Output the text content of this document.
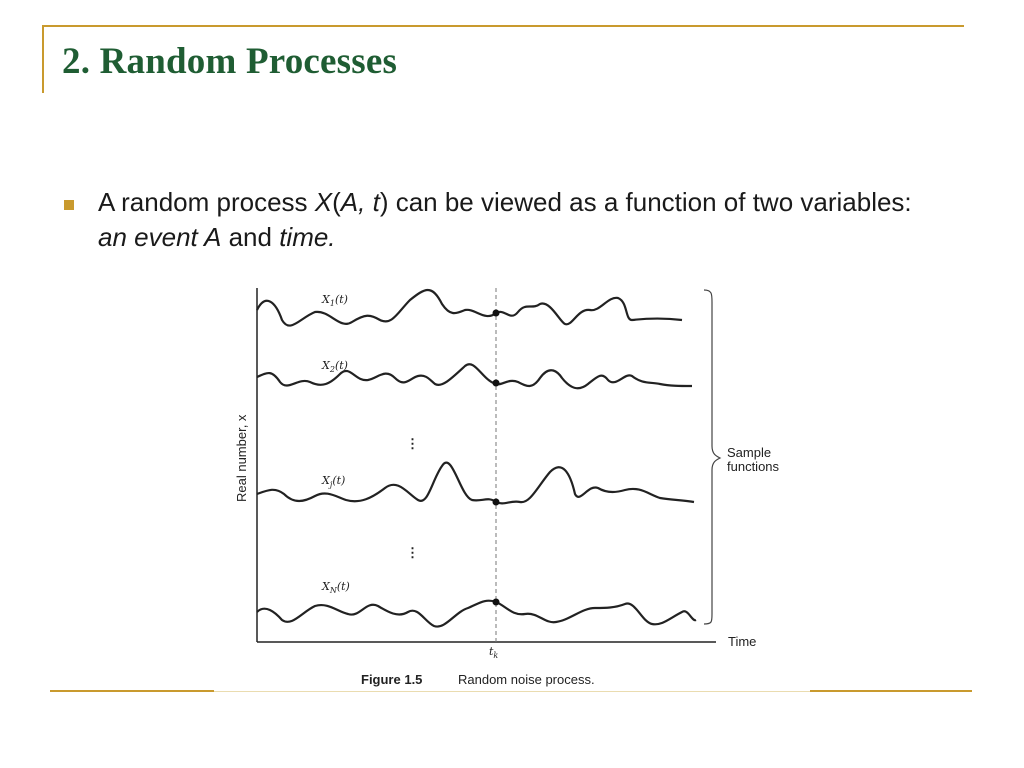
2. Random Processes

A random process X(A, t) can be viewed as a function of two variables: an event A and time.

Real number, x
Time
$t_k$
$X_1(t)$
$X_2(t)$
⋮
$X_j(t)$
⋮
$X_N(t)$
Sample
functions
Figure 1.5	Random noise process.
